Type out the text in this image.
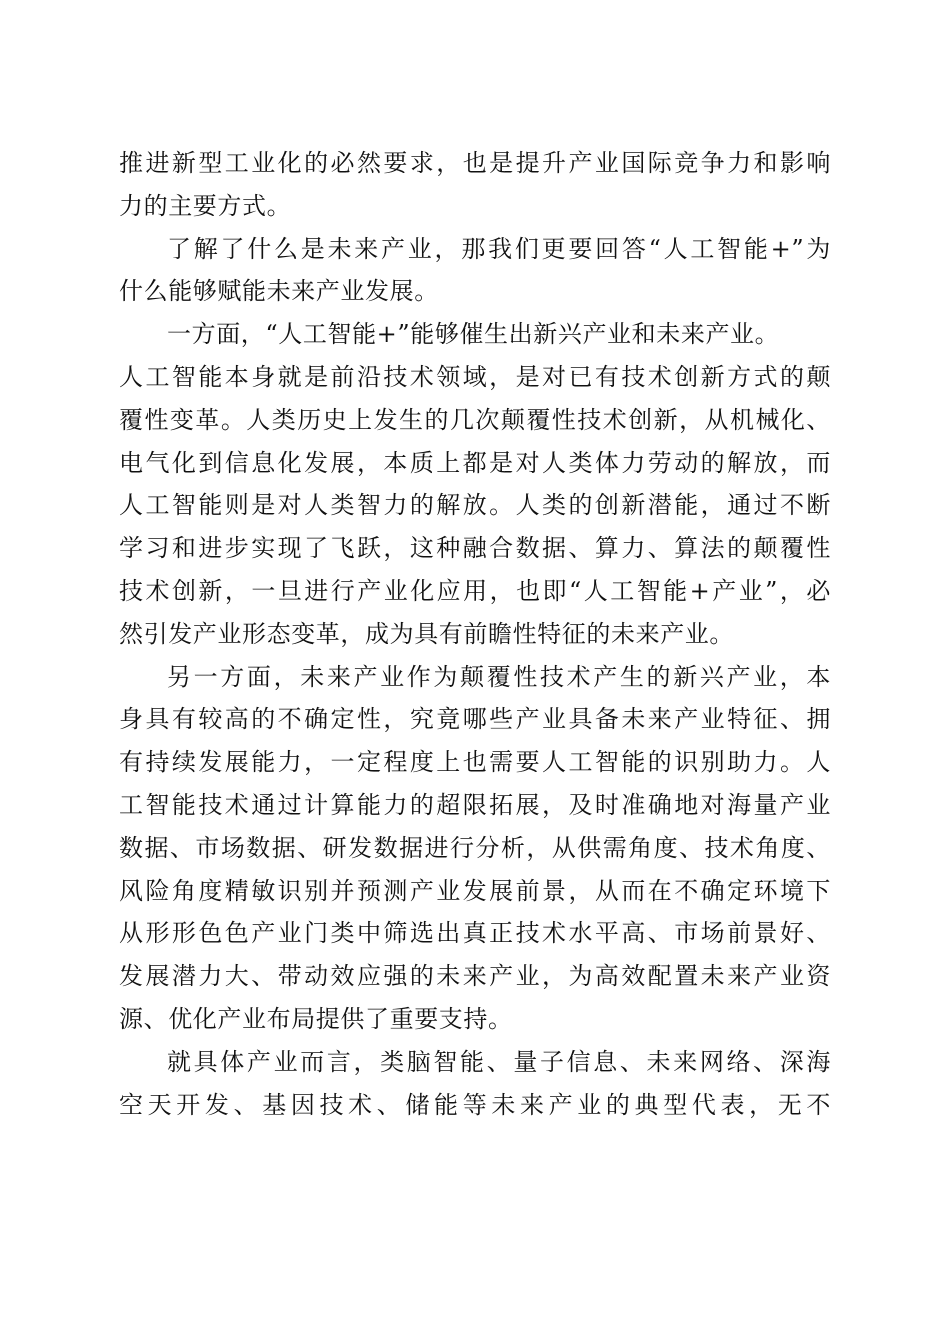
推进新型工业化的必然要求，也是提升产业国际竞争力和影响
力的主要方式。
了解了什么是未来产业，那我们更要回答“人工智能+”为
什么能够赋能未来产业发展。
一方面，“人工智能+”能够催生出新兴产业和未来产业。
人工智能本身就是前沿技术领域，是对已有技术创新方式的颠
覆性变革。人类历史上发生的几次颠覆性技术创新，从机械化、
电气化到信息化发展，本质上都是对人类体力劳动的解放，而
人工智能则是对人类智力的解放。人类的创新潜能，通过不断
学习和进步实现了飞跃，这种融合数据、算力、算法的颠覆性
技术创新，一旦进行产业化应用，也即“人工智能+产业”，必
然引发产业形态变革，成为具有前瞻性特征的未来产业。
另一方面，未来产业作为颠覆性技术产生的新兴产业，本
身具有较高的不确定性，究竟哪些产业具备未来产业特征、拥
有持续发展能力，一定程度上也需要人工智能的识别助力。人
工智能技术通过计算能力的超限拓展，及时准确地对海量产业
数据、市场数据、研发数据进行分析，从供需角度、技术角度、
风险角度精敏识别并预测产业发展前景，从而在不确定环境下
从形形色色产业门类中筛选出真正技术水平高、市场前景好、
发展潜力大、带动效应强的未来产业，为高效配置未来产业资
源、优化产业布局提供了重要支持。
就具体产业而言，类脑智能、量子信息、未来网络、深海
空天开发、基因技术、储能等未来产业的典型代表，无不
